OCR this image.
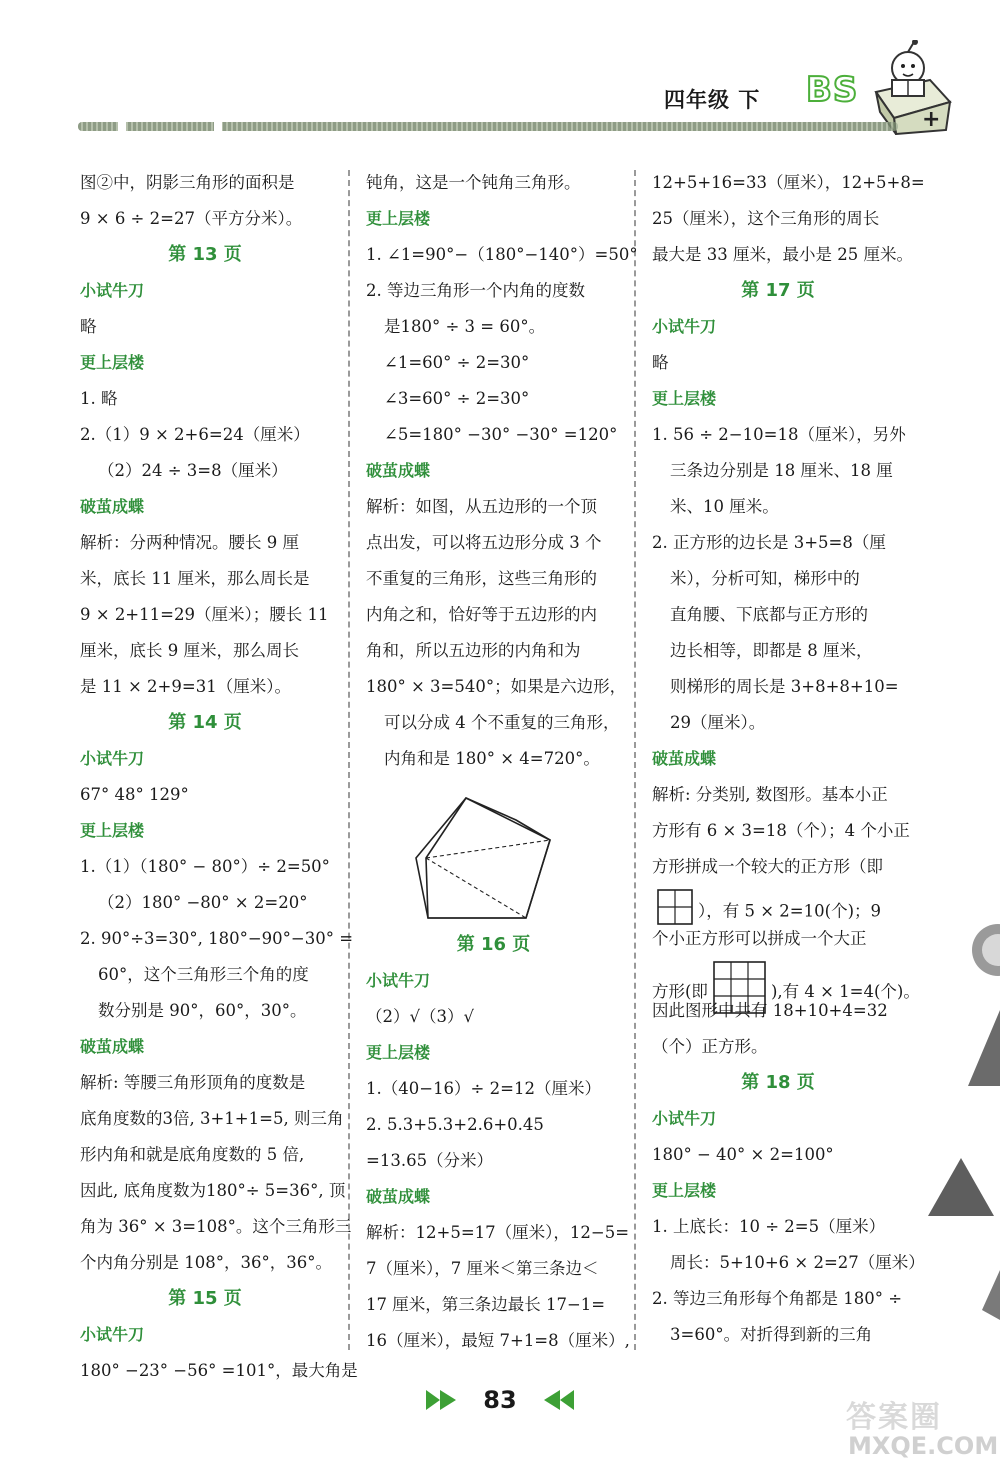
四年级 下 BS
+
图②中，阴影三角形的面积是
9 × 6 ÷ 2=27（平方分米）。
第 13 页
小试牛刀
略
更上层楼
1. 略
2.（1）9 × 2+6=24（厘米）
（2）24 ÷ 3=8（厘米）
破茧成蝶
解析：分两种情况。腰长 9 厘
米，底长 11 厘米，那么周长是
9 × 2+11=29（厘米）；腰长 11
厘米，底长 9 厘米，那么周长
是 11 × 2+9=31（厘米）。
第 14 页
小试牛刀
67° 48° 129°
更上层楼
1.（1）（180° − 80°）÷ 2=50°
（2）180° −80° × 2=20°
2. 90°÷3=30°, 180°−90°−30° =
60°，这个三角形三个角的度
数分别是 90°，60°，30°。
破茧成蝶
解析: 等腰三角形顶角的度数是
底角度数的3倍, 3+1+1=5, 则三角
形内角和就是底角度数的 5 倍,
因此, 底角度数为180°÷ 5=36°, 顶
角为 36° × 3=108°。这个三角形三
个内角分别是 108°，36°，36°。
第 15 页
小试牛刀
180° −23° −56° =101°，最大角是
钝角，这是一个钝角三角形。
更上层楼
1. ∠1=90°−（180°−140°）=50°
2. 等边三角形一个内角的度数
是180° ÷ 3 = 60°。
∠1=60° ÷ 2=30°
∠3=60° ÷ 2=30°
∠5=180° −30° −30° =120°
破茧成蝶
解析：如图，从五边形的一个顶
点出发，可以将五边形分成 3 个
不重复的三角形，这些三角形的
内角之和，恰好等于五边形的内
角和，所以五边形的内角和为
180° × 3=540°；如果是六边形，
可以分成 4 个不重复的三角形，
内角和是 180° × 4=720°。
第 16 页
小试牛刀
（2）√（3）√
更上层楼
1.（40−16）÷ 2=12（厘米）
2. 5.3+5.3+2.6+0.45
=13.65（分米）
破茧成蝶
解析：12+5=17（厘米），12−5=
7（厘米），7 厘米＜第三条边＜
17 厘米，第三条边最长 17−1=
16（厘米），最短 7+1=8（厘米）,
12+5+16=33（厘米），12+5+8=
25（厘米），这个三角形的周长
最大是 33 厘米，最小是 25 厘米。
第 17 页
小试牛刀
略
更上层楼
1. 56 ÷ 2−10=18（厘米），另外
三条边分别是 18 厘米、18 厘
米、10 厘米。
2. 正方形的边长是 3+5=8（厘
米），分析可知，梯形中的
直角腰、下底都与正方形的
边长相等，即都是 8 厘米，
则梯形的周长是 3+8+8+10=
29（厘米）。
破茧成蝶
解析: 分类别, 数图形。基本小正
方形有 6 × 3=18（个）；4 个小正
方形拼成一个较大的正方形（即
），有 5 × 2=10(个)；9
个小正方形可以拼成一个大正
方形(即	),有 4 × 1=4(个)。
因此图形中共有 18+10+4=32
（个）正方形。
第 18 页
小试牛刀
180° − 40° × 2=100°
更上层楼
1. 上底长：10 ÷ 2=5（厘米）
周长：5+10+6 × 2=27（厘米）
2. 等边三角形每个角都是 180° ÷
3=60°。对折得到新的三角
83	答案圈
MXQE.COM
